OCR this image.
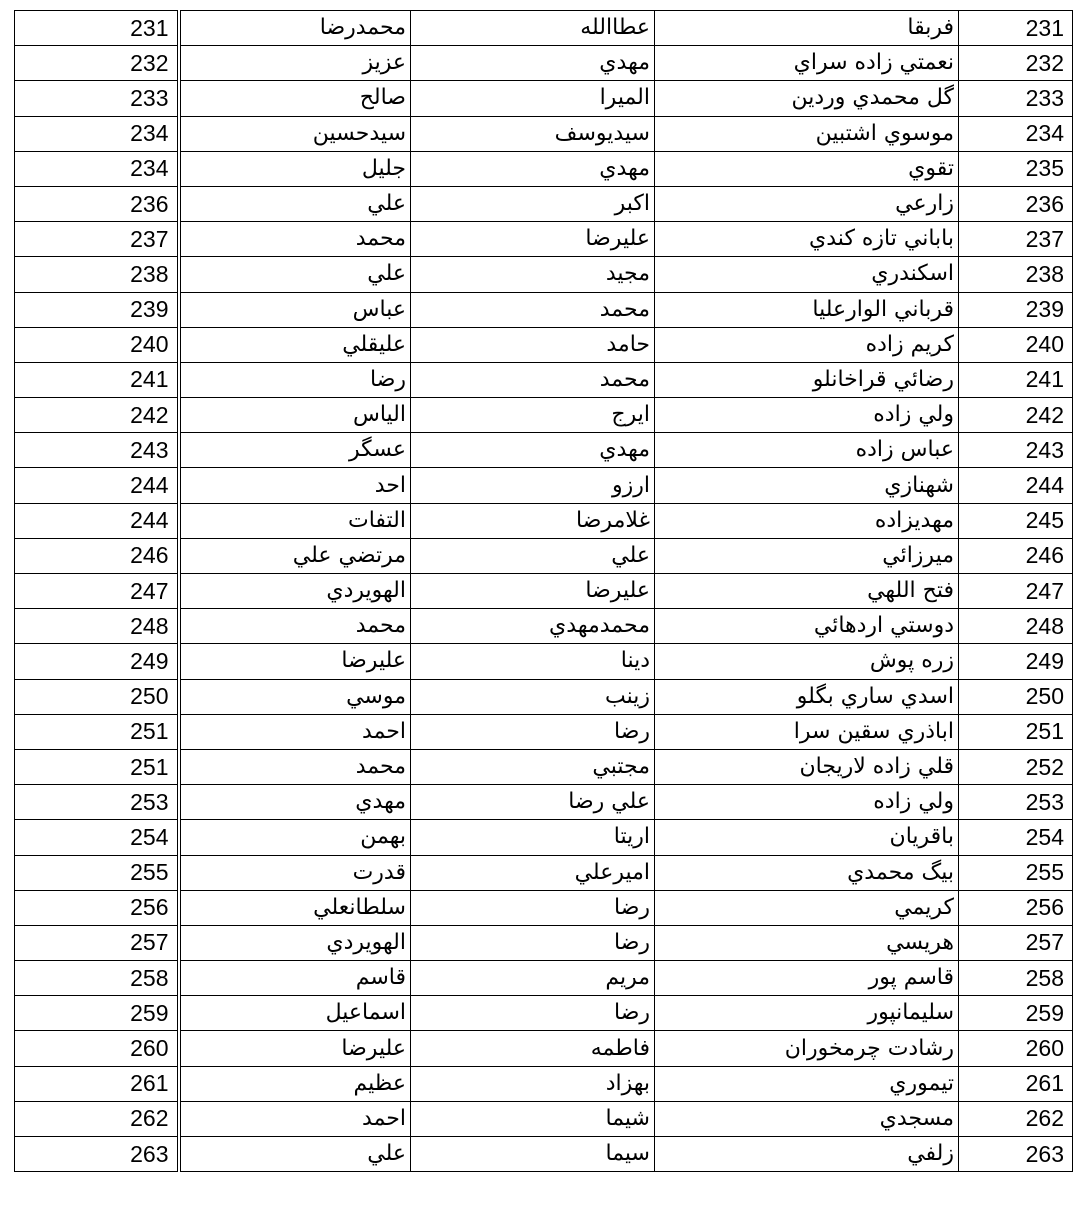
231	محمدرضا	عطاالله	فربقا	231
232	عزيز	مهدي	نعمتي زاده سراي	232
233	صالح	الميرا	گل محمدي وردين	233
234	سيدحسين	سيديوسف	موسوي اشتبين	234
234	جليل	مهدي	تقوي	235
236	علي	اكبر	زارعي	236
237	محمد	عليرضا	باباني تازه كندي	237
238	علي	مجيد	اسكندري	238
239	عباس	محمد	قرباني الوارعليا	239
240	عليقلي	حامد	كريم زاده	240
241	رضا	محمد	رضائي قراخانلو	241
242	الياس	ايرج	ولي زاده	242
243	عسگر	مهدي	عباس زاده	243
244	احد	ارزو	شهنازي	244
244	التفات	غلامرضا	مهديزاده	245
246	مرتضي علي	علي	ميرزائي	246
247	الهويردي	عليرضا	فتح اللهي	247
248	محمد	محمدمهدي	دوستي اردهائي	248
249	عليرضا	دينا	زره پوش	249
250	موسي	زينب	اسدي ساري بگلو	250
251	احمد	رضا	اباذري سقين سرا	251
251	محمد	مجتبي	قلي زاده لاريجان	252
253	مهدي	علي رضا	ولي زاده	253
254	بهمن	اريتا	باقريان	254
255	قدرت	اميرعلي	بيگ محمدي	255
256	سلطانعلي	رضا	كريمي	256
257	الهويردي	رضا	هريسي	257
258	قاسم	مريم	قاسم پور	258
259	اسماعيل	رضا	سليمانپور	259
260	عليرضا	فاطمه	رشادت چرمخوران	260
261	عظيم	بهزاد	تيموري	261
262	احمد	شيما	مسجدي	262
263	علي	سيما	زلفي	263
